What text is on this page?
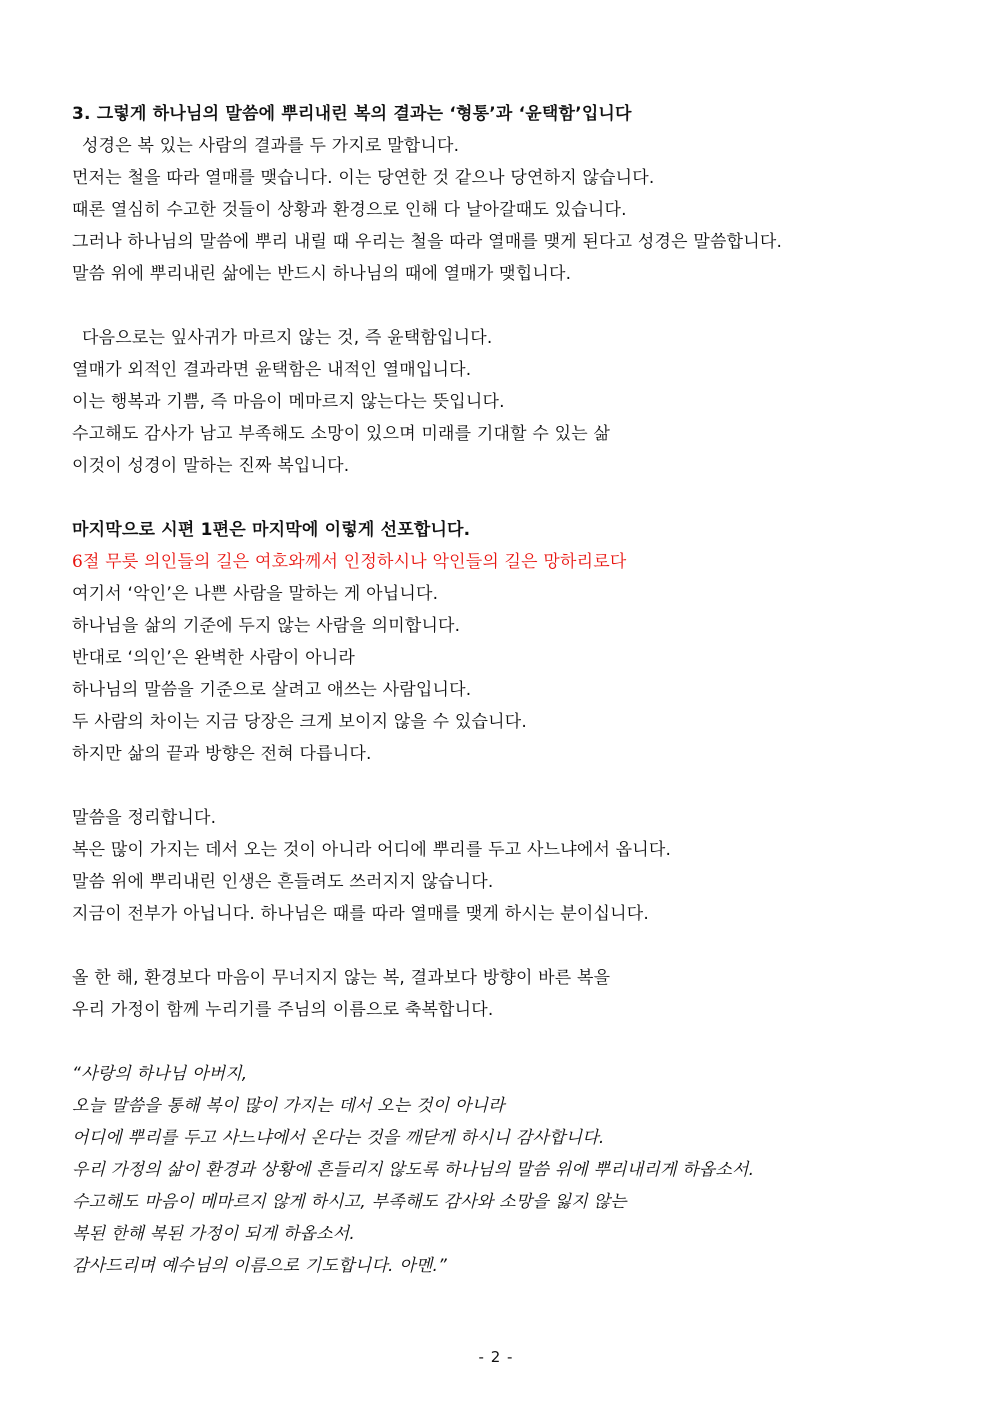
3. 그렇게 하나님의 말씀에 뿌리내린 복의 결과는 ‘형통’과 ‘윤택함’입니다
성경은 복 있는 사람의 결과를 두 가지로 말합니다.
먼저는 철을 따라 열매를 맺습니다. 이는 당연한 것 같으나 당연하지 않습니다.
때론 열심히 수고한 것들이 상황과 환경으로 인해 다 날아갈때도 있습니다.
그러나 하나님의 말씀에 뿌리 내릴 때 우리는 철을 따라 열매를 맺게 된다고 성경은 말씀합니다.
말씀 위에 뿌리내린 삶에는 반드시 하나님의 때에 열매가 맺힙니다.
다음으로는 잎사귀가 마르지 않는 것, 즉 윤택함입니다.
열매가 외적인 결과라면 윤택함은 내적인 열매입니다.
이는 행복과 기쁨, 즉 마음이 메마르지 않는다는 뜻입니다.
수고해도 감사가 남고 부족해도 소망이 있으며 미래를 기대할 수 있는 삶
이것이 성경이 말하는 진짜 복입니다.
마지막으로 시편 1편은 마지막에 이렇게 선포합니다.
6절 무릇 의인들의 길은 여호와께서 인정하시나 악인들의 길은 망하리로다
여기서 ‘악인’은 나쁜 사람을 말하는 게 아닙니다.
하나님을 삶의 기준에 두지 않는 사람을 의미합니다.
반대로 ‘의인’은 완벽한 사람이 아니라
하나님의 말씀을 기준으로 살려고 애쓰는 사람입니다.
두 사람의 차이는 지금 당장은 크게 보이지 않을 수 있습니다.
하지만 삶의 끝과 방향은 전혀 다릅니다.
말씀을 정리합니다.
복은 많이 가지는 데서 오는 것이 아니라 어디에 뿌리를 두고 사느냐에서 옵니다.
말씀 위에 뿌리내린 인생은 흔들려도 쓰러지지 않습니다.
지금이 전부가 아닙니다. 하나님은 때를 따라 열매를 맺게 하시는 분이십니다.
올 한 해, 환경보다 마음이 무너지지 않는 복, 결과보다 방향이 바른 복을
우리 가정이 함께 누리기를 주님의 이름으로 축복합니다.
“사랑의 하나님 아버지,
오늘 말씀을 통해 복이 많이 가지는 데서 오는 것이 아니라
어디에 뿌리를 두고 사느냐에서 온다는 것을 깨닫게 하시니 감사합니다.
우리 가정의 삶이 환경과 상황에 흔들리지 않도록 하나님의 말씀 위에 뿌리내리게 하옵소서.
수고해도 마음이 메마르지 않게 하시고, 부족해도 감사와 소망을 잃지 않는
복된 한해 복된 가정이 되게 하옵소서.
감사드리며 예수님의 이름으로 기도합니다. 아멘.”
- 2 -
